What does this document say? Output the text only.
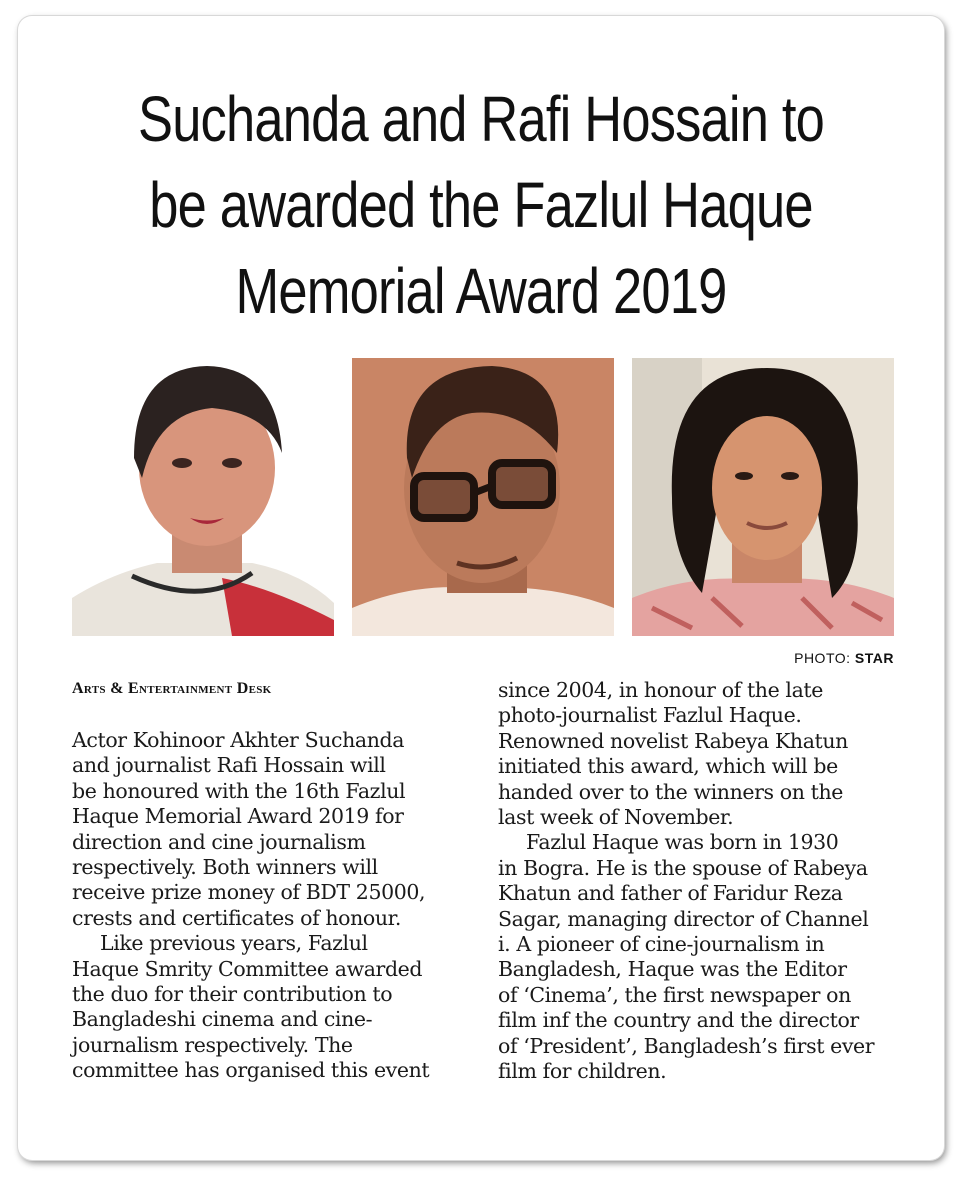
Suchanda and Rafi Hossain to
be awarded the Fazlul Haque
Memorial Award 2019
PHOTO: STAR
Arts & Entertainment Desk

Actor Kohinoor Akhter Suchanda
and journalist Rafi Hossain will
be honoured with the 16th Fazlul
Haque Memorial Award 2019 for
direction and cine journalism
respectively. Both winners will
receive prize money of BDT 25000,
crests and certificates of honour.

Like previous years, Fazlul
Haque Smrity Committee awarded
the duo for their contribution to
Bangladeshi cinema and cine-
journalism respectively. The
committee has organised this event

since 2004, in honour of the late
photo-journalist Fazlul Haque.
Renowned novelist Rabeya Khatun
initiated this award, which will be
handed over to the winners on the
last week of November.

Fazlul Haque was born in 1930
in Bogra. He is the spouse of Rabeya
Khatun and father of Faridur Reza
Sagar, managing director of Channel
i. A pioneer of cine-journalism in
Bangladesh, Haque was the Editor
of ‘Cinema’, the first newspaper on
film inf the country and the director
of ‘President’, Bangladesh’s first ever
film for children.
